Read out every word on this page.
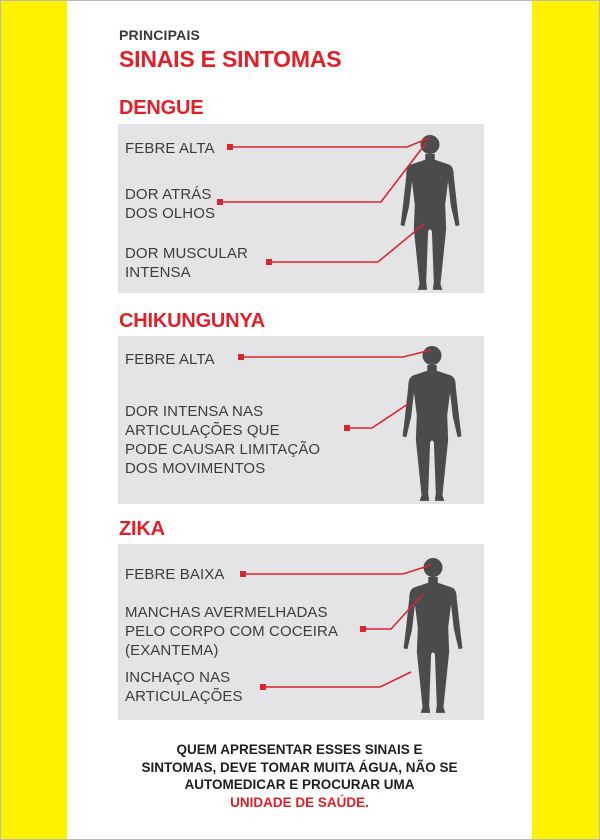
PRINCIPAIS
SINAIS E SINTOMAS
DENGUE
FEBRE ALTA
DOR ATRÁS
DOS OLHOS
DOR MUSCULAR
INTENSA
CHIKUNGUNYA
FEBRE ALTA
DOR INTENSA NAS
ARTICULAÇÕES QUE
PODE CAUSAR LIMITAÇÃO
DOS MOVIMENTOS
ZIKA
FEBRE BAIXA
MANCHAS AVERMELHADAS
PELO CORPO COM COCEIRA
(EXANTEMA)
INCHAÇO NAS
ARTICULAÇÕES
QUEM APRESENTAR ESSES SINAIS E
SINTOMAS, DEVE TOMAR MUITA ÁGUA, NÃO SE
AUTOMEDICAR E PROCURAR UMA
UNIDADE DE SAÚDE.
